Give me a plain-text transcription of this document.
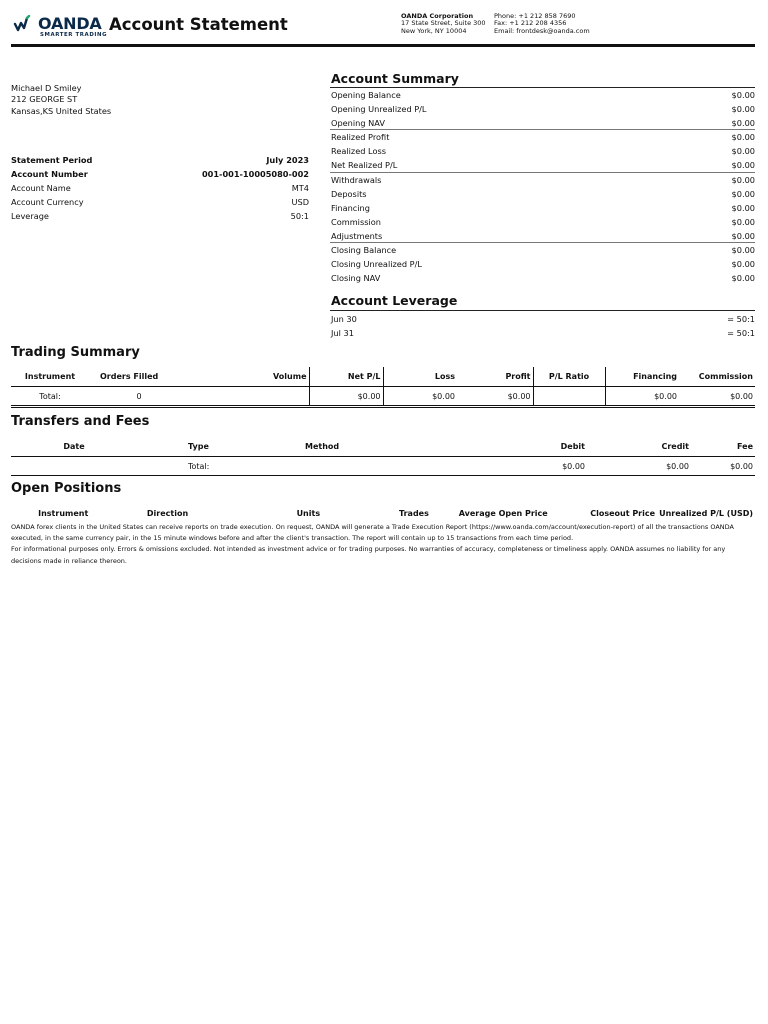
OANDA
SMARTER TRADING
Account Statement	OANDA Corporation
17 State Street, Suite 300
New York, NY 10004
Phone: +1 212 858 7690
Fax: +1 212 208 4356
Email: frontdesk@oanda.com
Michael D Smiley
212 GEORGE ST
Kansas,KS United States
Statement Period	July 2023
Account Number	001-001-10005080-002
Account Name	MT4
Account Currency	USD
Leverage	50:1
Account Summary
Opening Balance	$0.00
Opening Unrealized P/L	$0.00
Opening NAV	$0.00
Realized Profit	$0.00
Realized Loss	$0.00
Net Realized P/L	$0.00
Withdrawals	$0.00
Deposits	$0.00
Financing	$0.00
Commission	$0.00
Adjustments	$0.00
Closing Balance	$0.00
Closing Unrealized P/L	$0.00
Closing NAV	$0.00
Account Leverage
Jun 30	= 50:1
Jul 31	= 50:1
Trading Summary
Instrument	Orders Filled	Volume	Net P/L	Loss	Profit	P/L Ratio	Financing	Commission
Total:	0		$0.00	$0.00	$0.00		$0.00	$0.00
Transfers and Fees
Date	Type	Method	Debit	Credit	Fee
	Total:		$0.00	$0.00	$0.00
Open Positions
Instrument	Direction	Units	Trades	Average Open Price	Closeout Price	Unrealized P/L (USD)
OANDA forex clients in the United States can receive reports on trade execution. On request, OANDA will generate a Trade Execution Report (https://www.oanda.com/account/execution-report) of all the transactions OANDA executed, in the same currency pair, in the 15 minute windows before and after the client's transaction. The report will contain up to 15 transactions from each time period.
For informational purposes only. Errors & omissions excluded. Not intended as investment advice or for trading purposes. No warranties of accuracy, completeness or timeliness apply. OANDA assumes no liability for any decisions made in reliance thereon.
